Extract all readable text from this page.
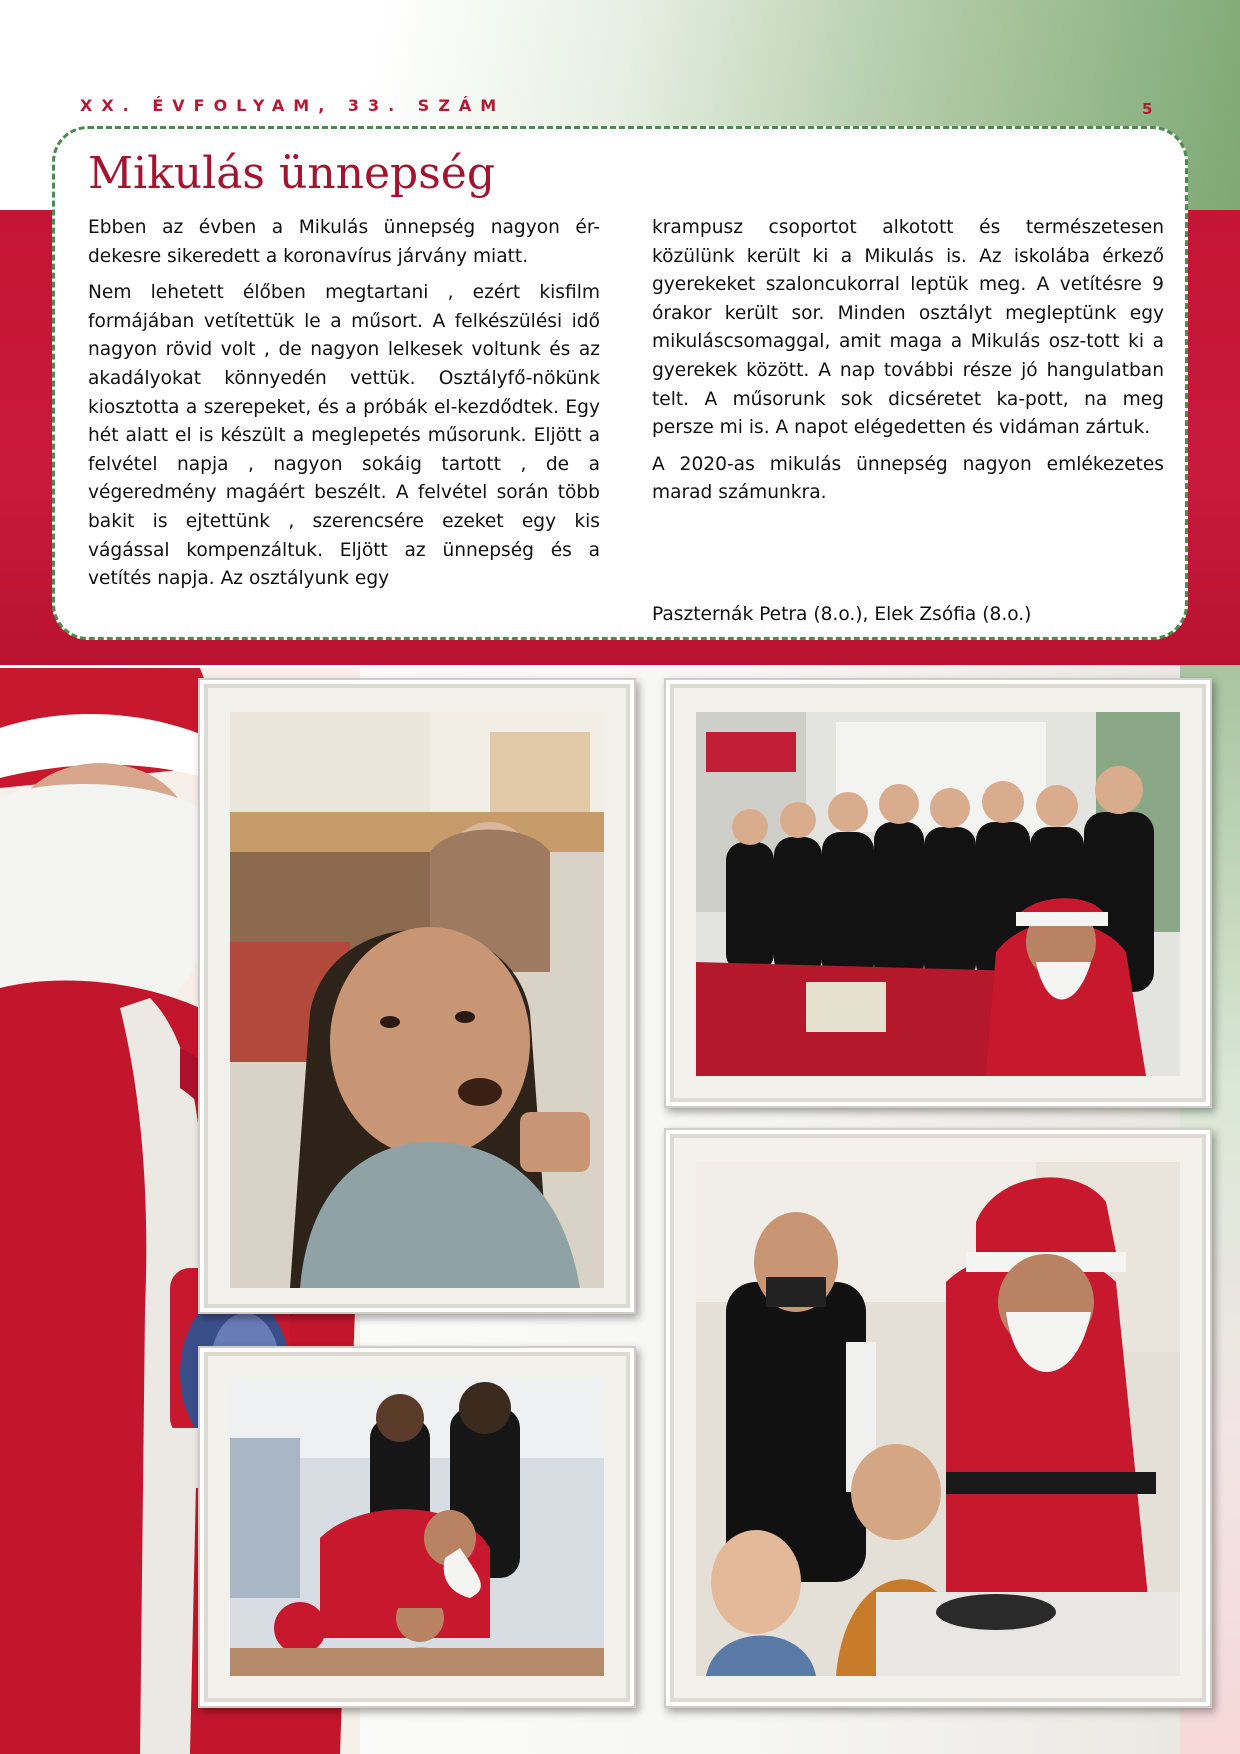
XX. ÉVFOLYAM, 33. SZÁM	5
Mikulás ünnepség

Ebben az évben a Mikulás ünnepség nagyon ér-dekesre sikeredett a koronavírus járvány miatt.

Nem lehetett élőben megtartani , ezért kisfilm formájában vetítettük le a műsort. A felkészülési idő nagyon rövid volt , de nagyon lelkesek voltunk és az akadályokat könnyedén vettük. Osztályfő-nökünk kiosztotta a szerepeket, és a próbák el-kezdődtek. Egy hét alatt el is készült a meglepetés műsorunk. Eljött a felvétel napja , nagyon sokáig tartott , de a végeredmény magáért beszélt. A felvétel során több bakit is ejtettünk , szerencsére ezeket egy kis vágással kompenzáltuk. Eljött az ünnepség és a vetítés napja. Az osztályunk egy

krampusz csoportot alkotott és természetesen közülünk került ki a Mikulás is. Az iskolába érkező gyerekeket szaloncukorral leptük meg. A vetítésre 9 órakor került sor. Minden osztályt megleptünk egy mikuláscsomaggal, amit maga a Mikulás osz-tott ki a gyerekek között. A nap további része jó hangulatban telt. A műsorunk sok dicséretet ka-pott, na meg persze mi is. A napot elégedetten és vidáman zártuk.

A 2020-as mikulás ünnepség nagyon emlékezetes marad számunkra.

Paszternák Petra (8.o.), Elek Zsófia (8.o.)
